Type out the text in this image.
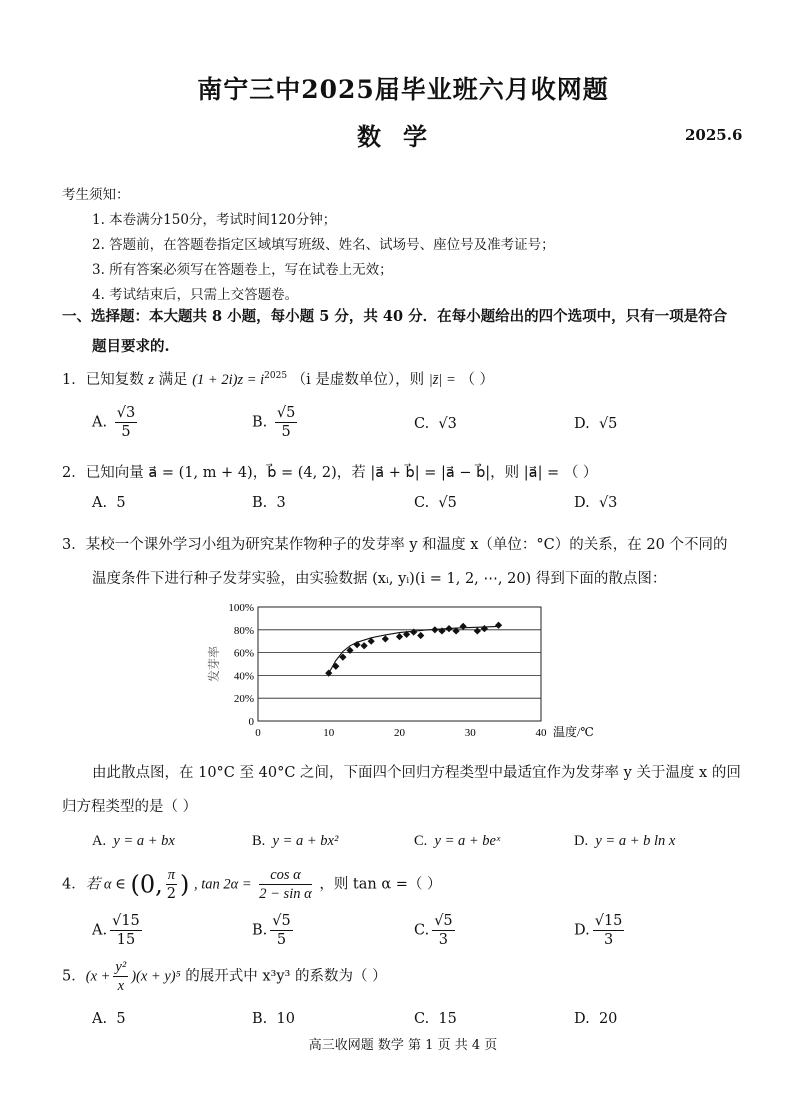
南宁三中2025届毕业班六月收网题
数学	2025.6
考生须知：
1. 本卷满分150分，考试时间120分钟；
2. 答题前，在答题卷指定区域填写班级、姓名、试场号、座位号及准考证号；
3. 所有答案必须写在答题卷上，写在试卷上无效；
4. 考试结束后，只需上交答题卷。
一、选择题：本大题共 8 小题，每小题 5 分，共 40 分．在每小题给出的四个选项中，只有一项是符合
题目要求的.
1．已知复数 z 满足 $(1 + 2i)z = i^{2025}$ （i 是虚数单位），则 |z̄| = （ ）
A. $\frac{√3}{5}$	B. $\frac{√5}{5}$	C. √3	D. √5
2．已知向量 a⃗ = (1, m + 4)，b⃗ = (4, 2)，若 |a⃗ + b⃗| = |a⃗ − b⃗|，则 |a⃗| = （ ）
A. 5	B. 3	C. √5	D. √3
3．某校一个课外学习小组为研究某作物种子的发芽率 y 和温度 x（单位：°C）的关系，在 20 个不同的
温度条件下进行种子发芽实验，由实验数据 (xᵢ, yᵢ)(i = 1, 2, ⋯, 20) 得到下面的散点图：
0
20%
40%
60%
80%
100%
0	10	20	30	40 温度/℃
发芽率
由此散点图，在 10°C 至 40°C 之间，下面四个回归方程类型中最适宜作为发芽率 y 关于温度 x 的回
归方程类型的是（ ）
A. y = a + bx	B. y = a + bx²	C. y = a + beˣ	D. y = a + b ln x
4．若 α ∈ (0, $\frac{\pi}{2}$ ) , $\tan 2\alpha = \frac{\text{cos α}}{\text{2 − sin α}}$ ，则 tan α =（ ）
A. $\frac{√15}{15}$	B. $\frac{√5}{5}$	C. $\frac{√5}{3}$	D. $\frac{√15}{3}$
5．$(x + \frac{\text{y²}}{x} )(x + y)^5$ 的展开式中 x³y³ 的系数为（ ）
A. 5	B. 10	C. 15	D. 20
高三收网题 数学 第 1 页 共 4 页
